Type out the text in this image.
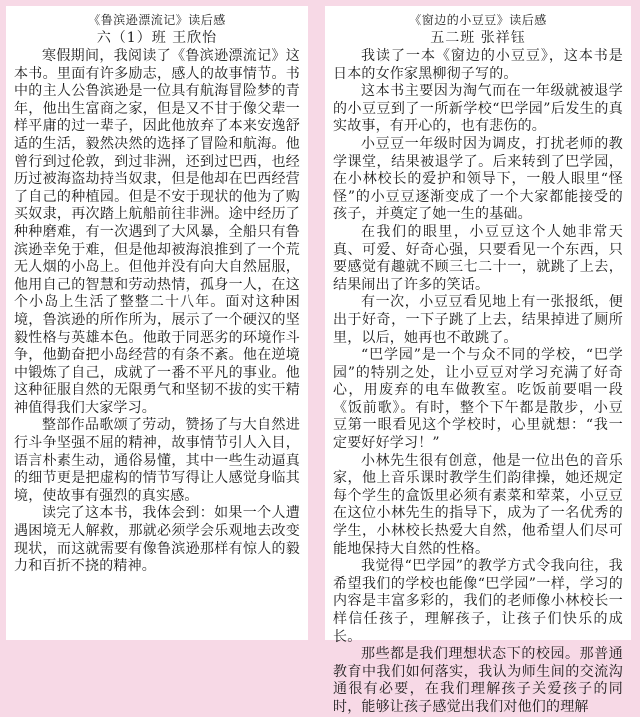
《鲁滨逊漂流记》读后感
六（1）班 王欣怡

寒假期间，我阅读了《鲁滨逊漂流记》这本书。里面有许多励志，感人的故事情节。书中的主人公鲁滨逊是一位具有航海冒险梦的青年，他出生富商之家，但是又不甘于像父辈一样平庸的过一辈子，因此他放弃了本来安逸舒适的生活，毅然决然的选择了冒险和航海。他曾行到过伦敦，到过非洲，还到过巴西，也经历过被海盗劫持当奴隶，但是他却在巴西经营了自己的种植园。但是不安于现状的他为了购买奴隶，再次踏上航船前往非洲。途中经历了种种磨难，有一次遇到了大风暴，全船只有鲁滨逊幸免于难，但是他却被海浪推到了一个荒无人烟的小岛上。但他并没有向大自然屈服，他用自己的智慧和劳动热情，孤身一人，在这个小岛上生活了整整二十八年。面对这种困境，鲁滨逊的所作所为，展示了一个硬汉的坚毅性格与英雄本色。他敢于同恶劣的环境作斗争，他勤奋把小岛经营的有条不紊。他在逆境中锻炼了自己，成就了一番不平凡的事业。他这种征服自然的无限勇气和坚韧不拔的实干精神值得我们大家学习。

整部作品歌颂了劳动，赞扬了与大自然进行斗争坚强不屈的精神，故事情节引人入目，语言朴素生动，通俗易懂，其中一些生动逼真的细节更是把虚构的情节写得让人感觉身临其境，使故事有强烈的真实感。

读完了这本书，我体会到：如果一个人遭遇困境无人解救，那就必须学会乐观地去改变现状，而这就需要有像鲁滨逊那样有惊人的毅力和百折不挠的精神。

《窗边的小豆豆》读后感
五二班 张祥钰

我读了一本《窗边的小豆豆》，这本书是日本的女作家黑柳彻子写的。

这本书主要因为淘气而在一年级就被退学的小豆豆到了一所新学校“巴学园”后发生的真实故事，有开心的，也有悲伤的。

小豆豆一年级时因为调皮，打扰老师的教学课堂，结果被退学了。后来转到了巴学园，在小林校长的爱护和领导下，一般人眼里“怪怪”的小豆豆逐渐变成了一个大家都能接受的孩子，并奠定了她一生的基础。

在我们的眼里，小豆豆这个人她非常天真、可爱、好奇心强，只要看见一个东西，只要感觉有趣就不顾三七二十一，就跳了上去，结果闹出了许多的笑话。

有一次，小豆豆看见地上有一张报纸，便出于好奇，一下子跳了上去，结果掉进了厕所里，以后，她再也不敢跳了。

“巴学园”是一个与众不同的学校，“巴学园”的特别之处，让小豆豆对学习充满了好奇心，用废弃的电车做教室。吃饭前要唱一段《饭前歌》。有时，整个下午都是散步，小豆豆第一眼看见这个学校时，心里就想：“我一定要好好学习！”

小林先生很有创意，他是一位出色的音乐家，他上音乐课时教学生们韵律操，她还规定每个学生的盒饭里必须有素菜和荤菜，小豆豆在这位小林先生的指导下，成为了一名优秀的学生，小林校长热爱大自然，他希望人们尽可能地保持大自然的性格。

我觉得“巴学园”的教学方式令我向往，我希望我们的学校也能像“巴学园”一样，学习的内容是丰富多彩的，我们的老师像小林校长一样信任孩子，理解孩子，让孩子们快乐的成长。

那些都是我们理想状态下的校园。那普通教育中我们如何落实，我认为师生间的交流沟通很有必要，在我们理解孩子关爱孩子的同时，能够让孩子感觉出我们对他们的理解
